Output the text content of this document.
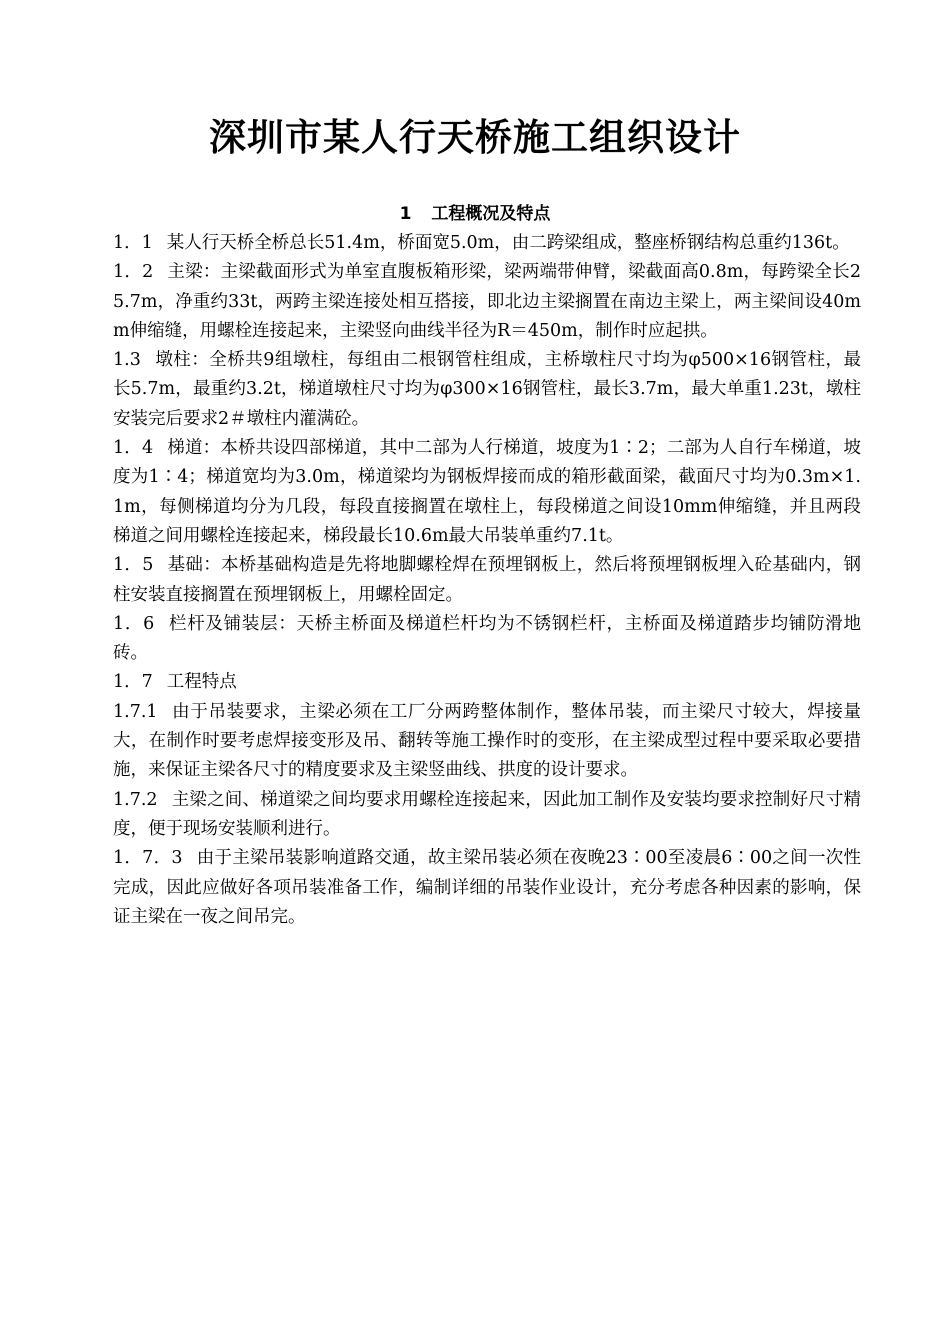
深圳市某人行天桥施工组织设计
1 工程概况及特点

1．1 某人行天桥全桥总长51.4m，桥面宽5.0m，由二跨梁组成，整座桥钢结构总重约136t。

1．2 主梁：主梁截面形式为单室直腹板箱形梁，梁两端带伸臂，梁截面高0.8m，每跨梁全长25.7m，净重约33t，两跨主梁连接处相互搭接，即北边主梁搁置在南边主梁上，两主梁间设40mm伸缩缝，用螺栓连接起来，主梁竖向曲线半径为R＝450m，制作时应起拱。

1.3 墩柱：全桥共9组墩柱，每组由二根钢管柱组成，主桥墩柱尺寸均为φ500×16钢管柱，最长5.7m，最重约3.2t，梯道墩柱尺寸均为φ300×16钢管柱，最长3.7m，最大单重1.23t，墩柱安装完后要求2＃墩柱内灌满砼。

1．4 梯道：本桥共设四部梯道，其中二部为人行梯道，坡度为1∶2；二部为人自行车梯道，坡度为1∶4；梯道宽均为3.0m，梯道梁均为钢板焊接而成的箱形截面梁，截面尺寸均为0.3m×1.1m，每侧梯道均分为几段，每段直接搁置在墩柱上，每段梯道之间设10mm伸缩缝，并且两段梯道之间用螺栓连接起来，梯段最长10.6m最大吊装单重约7.1t。

1．5 基础：本桥基础构造是先将地脚螺栓焊在预埋钢板上，然后将预埋钢板埋入砼基础内，钢柱安装直接搁置在预埋钢板上，用螺栓固定。

1．6 栏杆及铺装层：天桥主桥面及梯道栏杆均为不锈钢栏杆，主桥面及梯道踏步均铺防滑地砖。

1．7 工程特点

1.7.1 由于吊装要求，主梁必须在工厂分两跨整体制作，整体吊装，而主梁尺寸较大，焊接量大，在制作时要考虑焊接变形及吊、翻转等施工操作时的变形，在主梁成型过程中要采取必要措施，来保证主梁各尺寸的精度要求及主梁竖曲线、拱度的设计要求。

1.7.2 主梁之间、梯道梁之间均要求用螺栓连接起来，因此加工制作及安装均要求控制好尺寸精度，便于现场安装顺利进行。

1．7．3 由于主梁吊装影响道路交通，故主梁吊装必须在夜晚23∶00至凌晨6∶00之间一次性完成，因此应做好各项吊装准备工作，编制详细的吊装作业设计，充分考虑各种因素的影响，保证主梁在一夜之间吊完。
